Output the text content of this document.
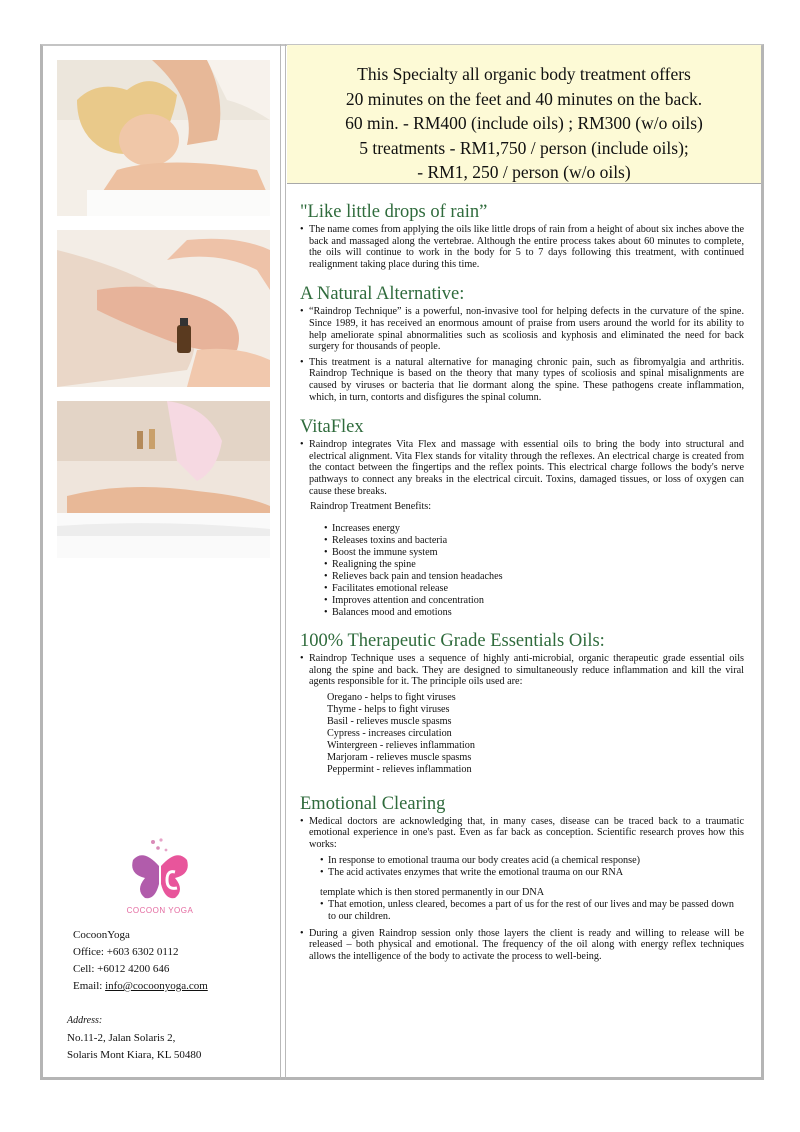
COCOON YOGA
CocoonYoga
Office: +603 6302 0112
Cell: +6012 4200 646
Email: info@cocoonyoga.com
Address:
No.11-2, Jalan Solaris 2,
Solaris Mont Kiara, KL 50480
This Specialty all organic body treatment offers
20 minutes on the feet and 40 minutes on the back.
60 min. - RM400 (include oils) ; RM300 (w/o oils)
5 treatments - RM1,750 / person (include oils);
- RM1, 250 / person (w/o oils)
"Like little drops of rain”
• The name comes from applying the oils like little drops of rain from a height of about six inches above the back and massaged along the vertebrae. Although the entire process takes about 60 minutes to complete, the oils will continue to work in the body for 5 to 7 days following this treatment, with continued realignment taking place during this time.
A Natural Alternative:
• “Raindrop Technique” is a powerful, non-invasive tool for helping defects in the curvature of the spine. Since 1989, it has received an enormous amount of praise from users around the world for its ability to help ameliorate spinal abnormalities such as scoliosis and kyphosis and eliminated the need for back surgery for thousands of people.
• This treatment is a natural alternative for managing chronic pain, such as fibromyalgia and arthritis. Raindrop Technique is based on the theory that many types of scoliosis and spinal misalignments are caused by viruses or bacteria that lie dormant along the spine. These pathogens create inflammation, which, in turn, contorts and disfigures the spinal column.
VitaFlex
• Raindrop integrates Vita Flex and massage with essential oils to bring the body into structural and electrical alignment. Vita Flex stands for vitality through the reflexes. An electrical charge is created from the contact between the fingertips and the reflex points. This electrical charge follows the body's nerve pathways to connect any breaks in the electrical circuit. Toxins, damaged tissues, or loss of oxygen can cause these breaks.
Raindrop Treatment Benefits:
• Increases energy
• Releases toxins and bacteria
• Boost the immune system
• Realigning the spine
• Relieves back pain and tension headaches
• Facilitates emotional release
• Improves attention and concentration
• Balances mood and emotions
100% Therapeutic Grade Essentials Oils:
• Raindrop Technique uses a sequence of highly anti-microbial, organic therapeutic grade essential oils along the spine and back. They are designed to simultaneously reduce inflammation and kill the viral agents responsible for it. The principle oils used are:
Oregano - helps to fight viruses
Thyme - helps to fight viruses
Basil - relieves muscle spasms
Cypress - increases circulation
Wintergreen - relieves inflammation
Marjoram - relieves muscle spasms
Peppermint - relieves inflammation
Emotional Clearing
• Medical doctors are acknowledging that, in many cases, disease can be traced back to a traumatic emotional experience in one's past. Even as far back as conception. Scientific research proves how this works:
• In response to emotional trauma our body creates acid (a chemical response)
• The acid activates enzymes that write the emotional trauma on our RNA
template which is then stored permanently in our DNA
• That emotion, unless cleared, becomes a part of us for the rest of our lives and may be passed down to our children.
• During a given Raindrop session only those layers the client is ready and willing to release will be released – both physical and emotional. The frequency of the oil along with energy reflex techniques allows the intelligence of the body to activate the process to well-being.
